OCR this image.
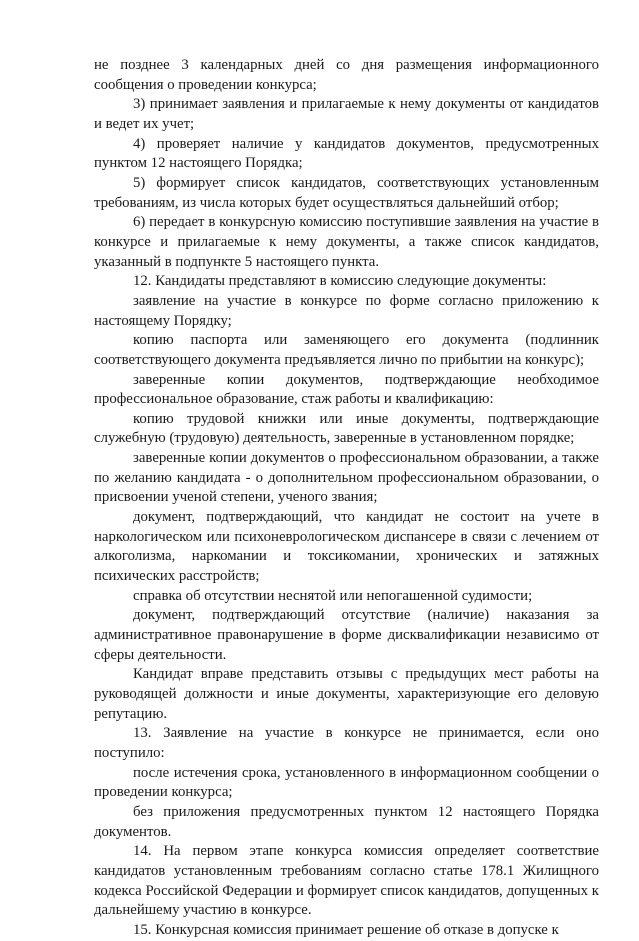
не позднее 3 календарных дней со дня размещения информационного сообщения о проведении конкурса;

3) принимает заявления и прилагаемые к нему документы от кандидатов и ведет их учет;

4) проверяет наличие у кандидатов документов, предусмотренных пунктом 12 настоящего Порядка;

5) формирует список кандидатов, соответствующих установленным требованиям, из числа которых будет осуществляться дальнейший отбор;

6) передает в конкурсную комиссию поступившие заявления на участие в конкурсе и прилагаемые к нему документы, а также список кандидатов, указанный в подпункте 5 настоящего пункта.

12. Кандидаты представляют в комиссию следующие документы:

заявление на участие в конкурсе по форме согласно приложению к настоящему Порядку;

копию паспорта или заменяющего его документа (подлинник соответствующего документа предъявляется лично по прибытии на конкурс);

заверенные копии документов, подтверждающие необходимое профессиональное образование, стаж работы и квалификацию:

копию трудовой книжки или иные документы, подтверждающие служебную (трудовую) деятельность, заверенные в установленном порядке;

заверенные копии документов о профессиональном образовании, а также по желанию кандидата - о дополнительном профессиональном образовании, о присвоении ученой степени, ученого звания;

документ, подтверждающий, что кандидат не состоит на учете в наркологическом или психоневрологическом диспансере в связи с лечением от алкоголизма, наркомании и токсикомании, хронических и затяжных психических расстройств;

справка об отсутствии неснятой или непогашенной судимости;

документ, подтверждающий отсутствие (наличие) наказания за административное правонарушение в форме дисквалификации независимо от сферы деятельности.

Кандидат вправе представить отзывы с предыдущих мест работы на руководящей должности и иные документы, характеризующие его деловую репутацию.

13. Заявление на участие в конкурсе не принимается, если оно поступило:

после истечения срока, установленного в информационном сообщении о проведении конкурса;

без приложения предусмотренных пунктом 12 настоящего Порядка документов.

14. На первом этапе конкурса комиссия определяет соответствие кандидатов установленным требованиям согласно статье 178.1 Жилищного кодекса Российской Федерации и формирует список кандидатов, допущенных к дальнейшему участию в конкурсе.

15. Конкурсная комиссия принимает решение об отказе в допуске к
